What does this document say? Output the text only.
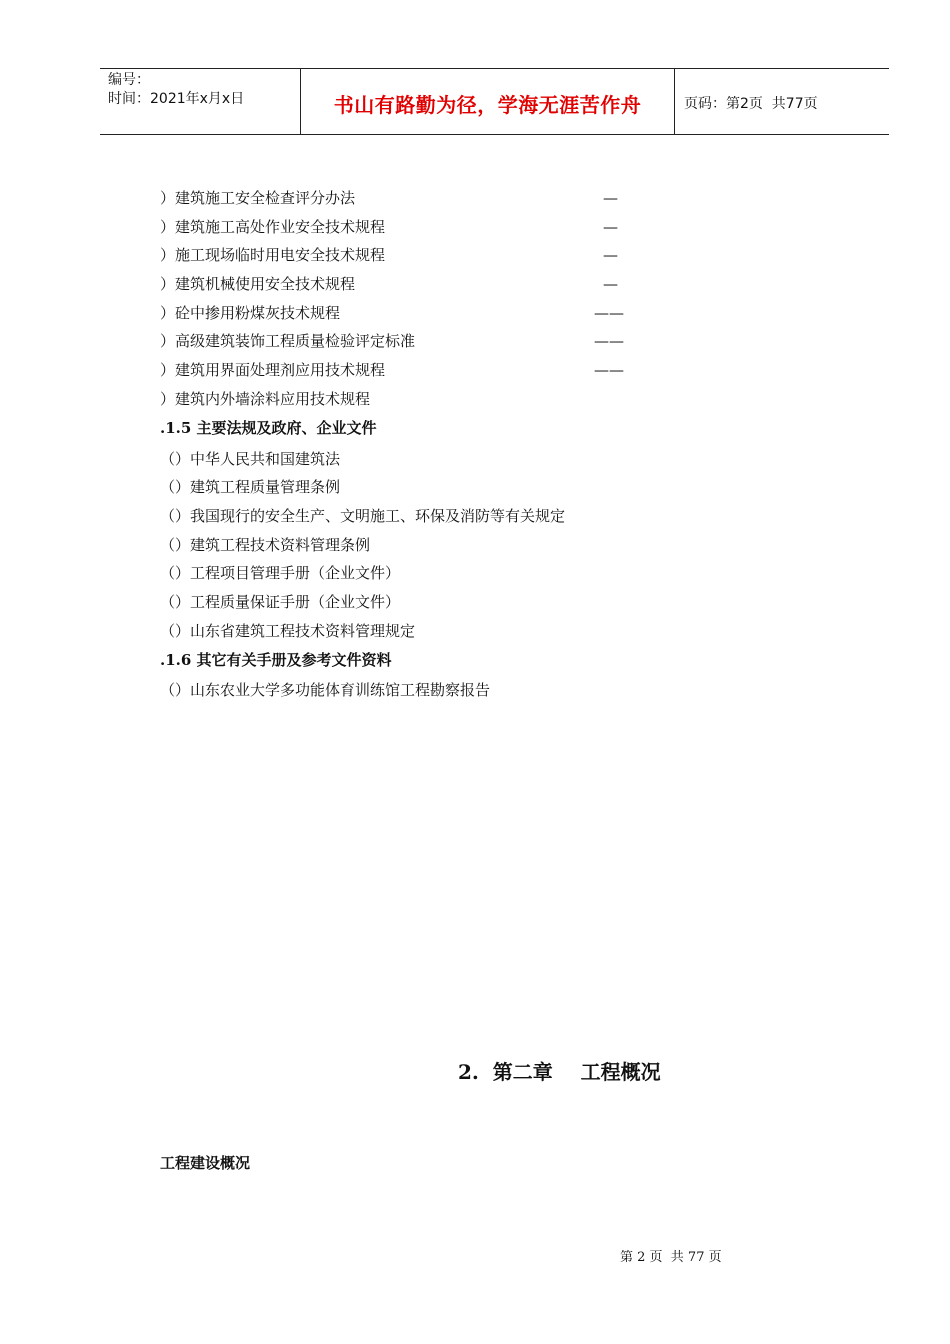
编号：
时间：2021年x月x日	书山有路勤为径，学海无涯苦作舟	页码：第2页  共77页
）建筑施工安全检查评分办法	—
）建筑施工高处作业安全技术规程	—
）施工现场临时用电安全技术规程	—
）建筑机械使用安全技术规程	—
）砼中掺用粉煤灰技术规程	——
）高级建筑装饰工程质量检验评定标准	——
）建筑用界面处理剂应用技术规程	——
）建筑内外墙涂料应用技术规程
.1.5 主要法规及政府、企业文件
（）中华人民共和国建筑法
（）建筑工程质量管理条例
（）我国现行的安全生产、文明施工、环保及消防等有关规定
（）建筑工程技术资料管理条例
（）工程项目管理手册（企业文件）
（）工程质量保证手册（企业文件）
（）山东省建筑工程技术资料管理规定
.1.6 其它有关手册及参考文件资料
（）山东农业大学多功能体育训练馆工程勘察报告
2.  第二章    工程概况
工程建设概况
第 2 页  共 77 页
